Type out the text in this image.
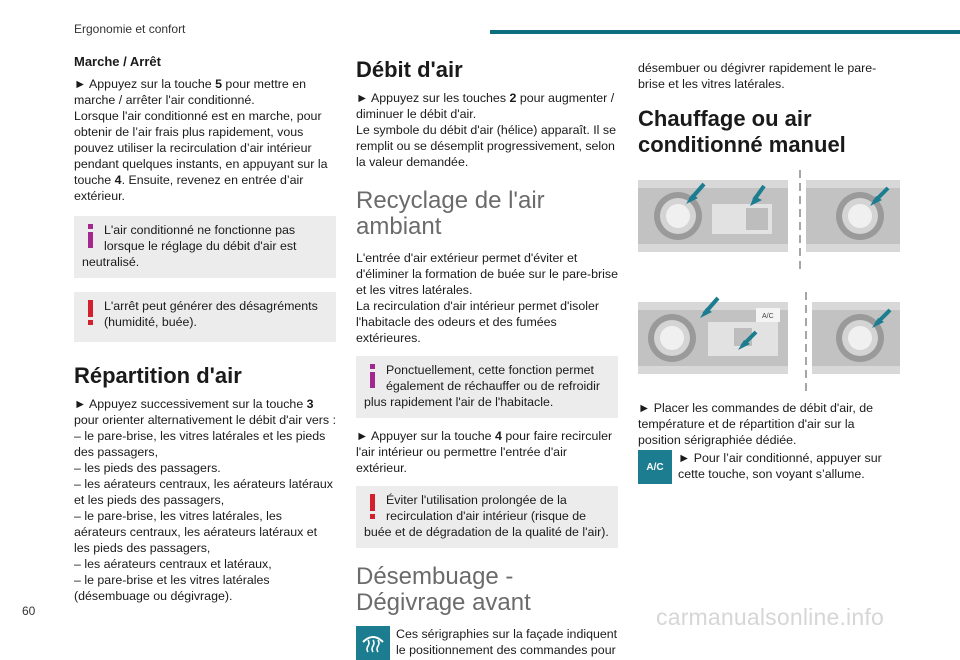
Ergonomie et confort

Marche / Arrêt

► Appuyez sur la touche 5 pour mettre en marche / arrêter l'air conditionné.

Lorsque l'air conditionné est en marche, pour obtenir de l’air frais plus rapidement, vous pouvez utiliser la recirculation d’air intérieur pendant quelques instants, en appuyant sur la touche 4. Ensuite, revenez en entrée d’air extérieur.

L'air conditionné ne fonctionne pas lorsque le réglage du débit d'air est neutralisé.
L'arrêt peut générer des désagréments (humidité, buée).

Répartition d'air

► Appuyez successivement sur la touche 3 pour orienter alternativement le débit d'air vers :

– le pare-brise, les vitres latérales et les pieds des passagers,

– les pieds des passagers.

– les aérateurs centraux, les aérateurs latéraux et les pieds des passagers,

– le pare-brise, les vitres latérales, les aérateurs centraux, les aérateurs latéraux et les pieds des passagers,

– les aérateurs centraux et latéraux,

– le pare-brise et les vitres latérales (désembuage ou dégivrage).

Débit d'air

► Appuyez sur les touches 2 pour augmenter / diminuer le débit d'air.

Le symbole du débit d'air (hélice) apparaît. Il se remplit ou se désemplit progressivement, selon la valeur demandée.

Recyclage de l'air ambiant

L'entrée d'air extérieur permet d'éviter et d'éliminer la formation de buée sur le pare-brise et les vitres latérales.

La recirculation d'air intérieur permet d'isoler l'habitacle des odeurs et des fumées extérieures.

Ponctuellement, cette fonction permet également de réchauffer ou de refroidir plus rapidement l'air de l'habitacle.

► Appuyer sur la touche 4 pour faire recirculer l'air intérieur ou permettre l'entrée d'air extérieur.

Éviter l'utilisation prolongée de la recirculation d'air intérieur (risque de buée et de dégradation de la qualité de l'air).

Désembuage - Dégivrage avant

Ces sérigraphies sur la façade indiquent le positionnement des commandes pour

désembuer ou dégivrer rapidement le pare-brise et les vitres latérales.

Chauffage ou air conditionné manuel

A/C

► Placer les commandes de débit d'air, de température et de répartition d'air sur la position sérigraphiée dédiée.

A/C

► Pour l’air conditionné, appuyer sur cette touche, son voyant s’allume.

60	carmanualsonline.info
